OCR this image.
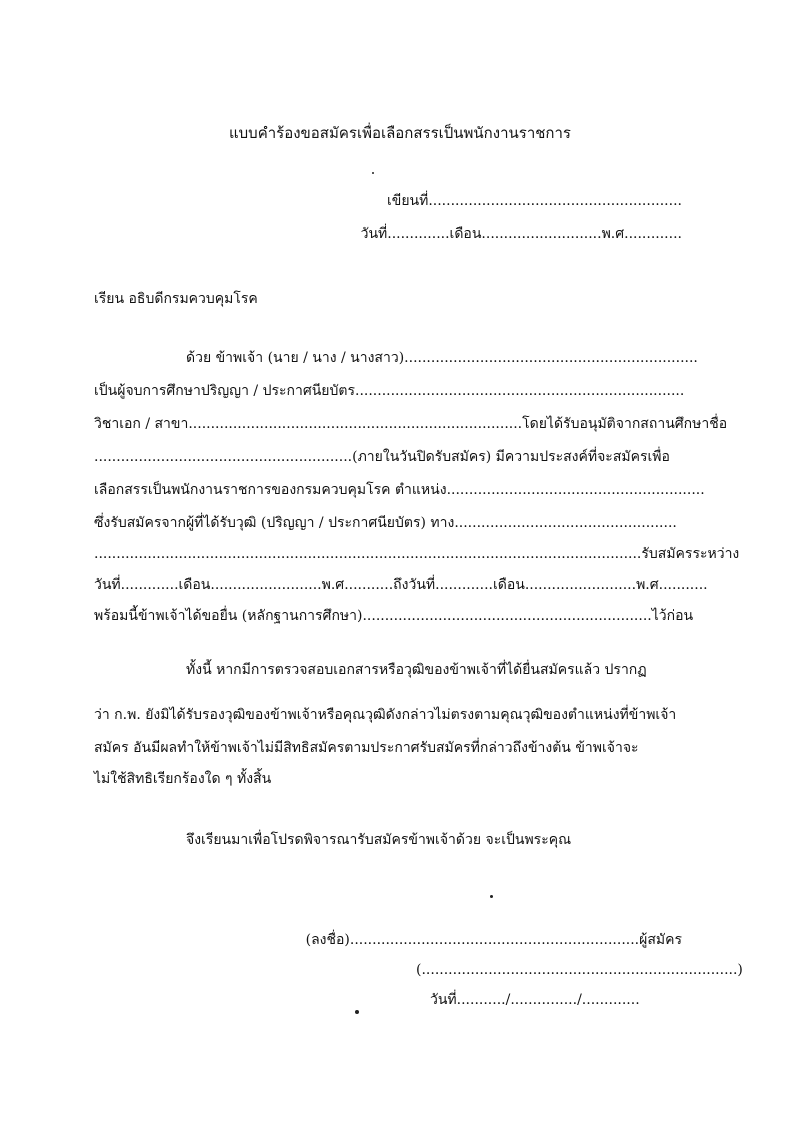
แบบคำร้องขอสมัครเพื่อเลือกสรรเป็นพนักงานราชการ
เขียนที่.........................................................
วันที่..............เดือน...........................พ.ศ.............
เรียน อธิบดีกรมควบคุมโรค
ด้วย ข้าพเจ้า (นาย / นาง / นางสาว)..................................................................
เป็นผู้จบการศึกษาปริญญา / ประกาศนียบัตร..........................................................................
วิชาเอก / สาขา...........................................................................โดยได้รับอนุมัติจากสถานศึกษาชื่อ
..........................................................(ภายในวันปิดรับสมัคร) มีความประสงค์ที่จะสมัครเพื่อ
เลือกสรรเป็นพนักงานราชการของกรมควบคุมโรค ตำแหน่ง..........................................................
ซึ่งรับสมัครจากผู้ที่ได้รับวุฒิ (ปริญญา / ประกาศนียบัตร) ทาง..................................................
...........................................................................................................................รับสมัครระหว่าง
วันที่.............เดือน.........................พ.ศ...........ถึงวันที่.............เดือน.........................พ.ศ...........
พร้อมนี้ข้าพเจ้าได้ขอยื่น (หลักฐานการศึกษา).................................................................ไว้ก่อน
ทั้งนี้ หากมีการตรวจสอบเอกสารหรือวุฒิของข้าพเจ้าที่ได้ยื่นสมัครแล้ว ปรากฏ
ว่า ก.พ. ยังมิได้รับรองวุฒิของข้าพเจ้าหรือคุณวุฒิดังกล่าวไม่ตรงตามคุณวุฒิของตำแหน่งที่ข้าพเจ้า
สมัคร อันมีผลทำให้ข้าพเจ้าไม่มีสิทธิสมัครตามประกาศรับสมัครที่กล่าวถึงข้างต้น ข้าพเจ้าจะ
ไม่ใช้สิทธิเรียกร้องใด ๆ ทั้งสิ้น
จึงเรียนมาเพื่อโปรดพิจารณารับสมัครข้าพเจ้าด้วย จะเป็นพระคุณ
(ลงชื่อ).................................................................ผู้สมัคร
(.......................................................................)
วันที่.........../.............../.............
